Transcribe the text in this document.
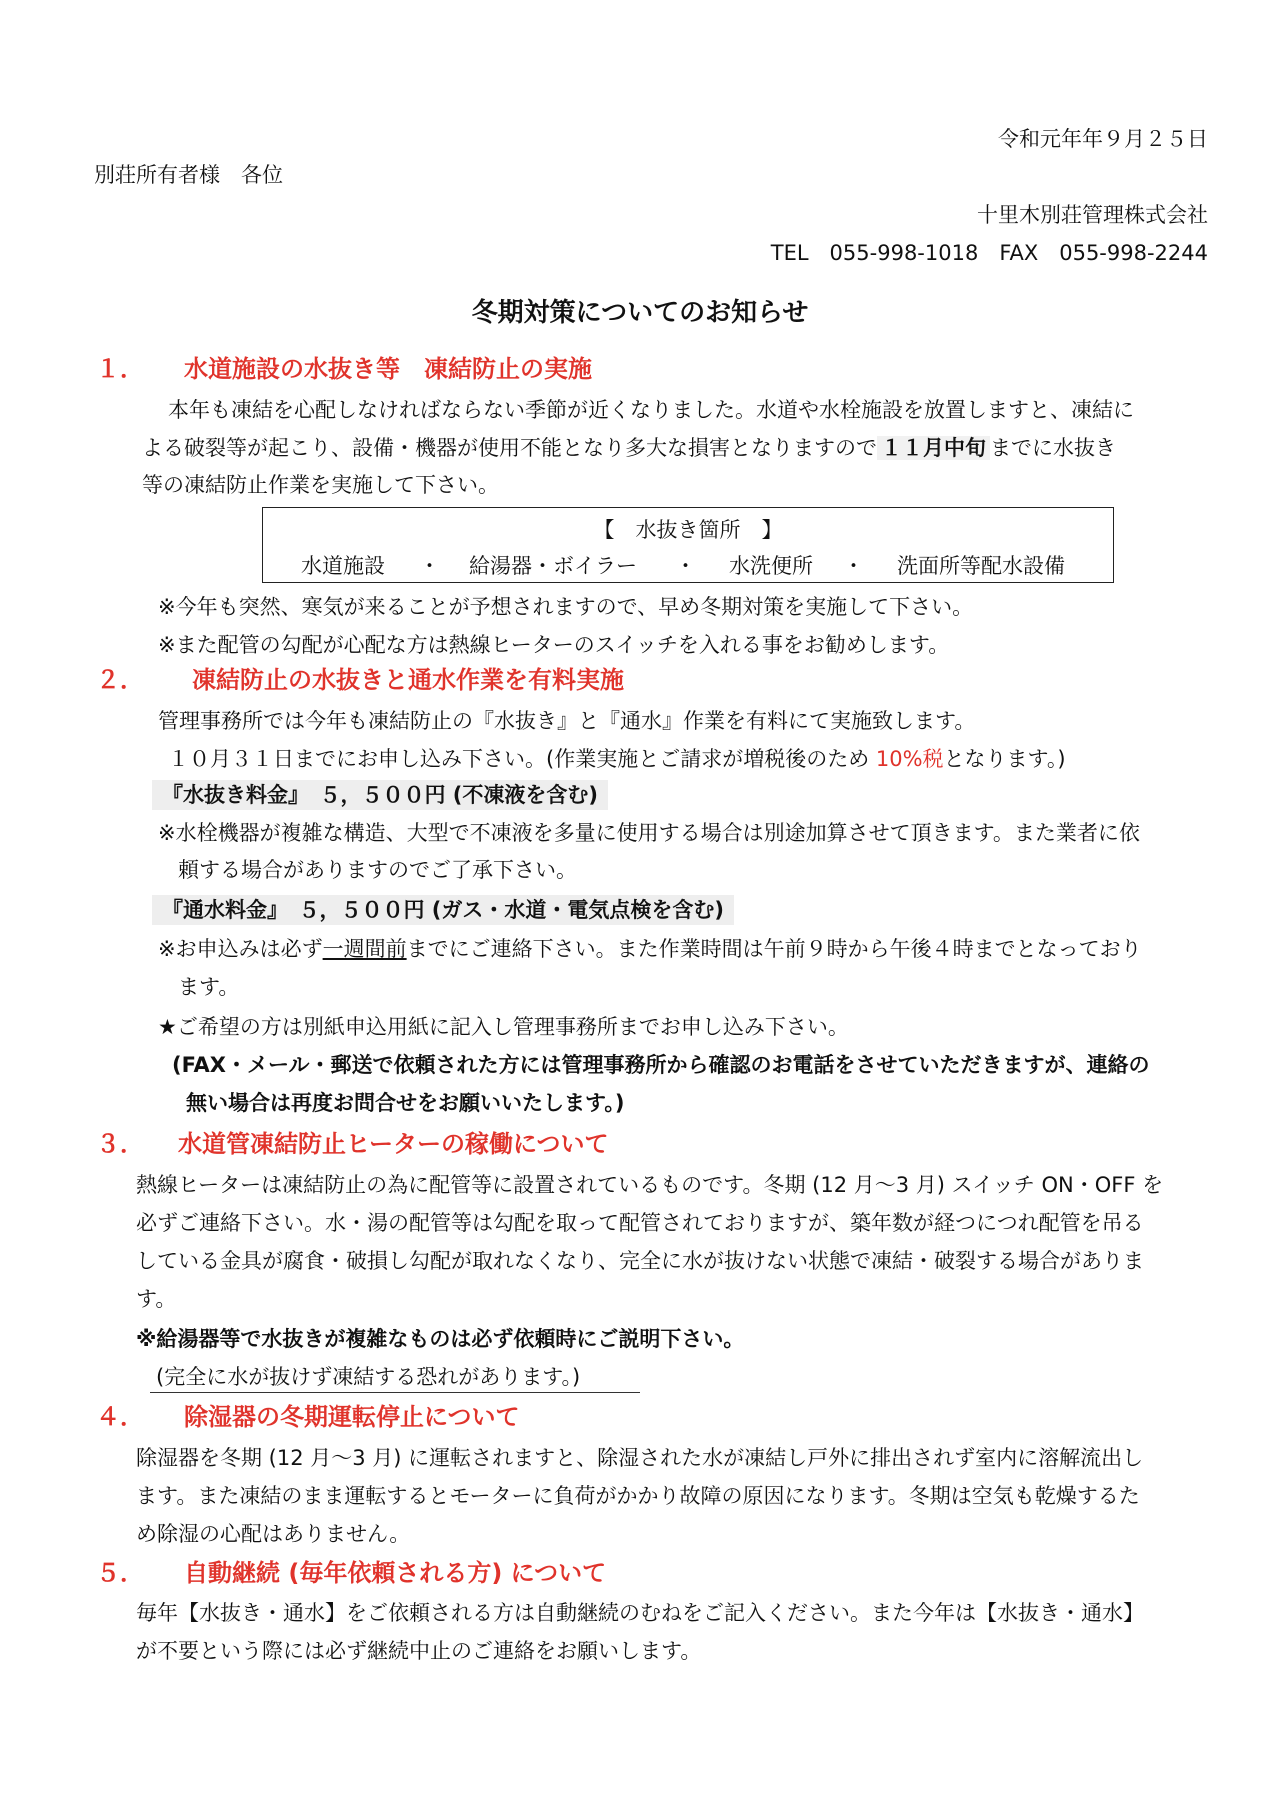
令和元年年９月２５日
別荘所有者様　各位
十里木別荘管理株式会社
TEL　055-998-1018　FAX　055-998-2244
冬期対策についてのお知らせ
１． 水道施設の水抜き等　凍結防止の実施
本年も凍結を心配しなければならない季節が近くなりました。水道や水栓施設を放置しますと、凍結に
よる破裂等が起こり、設備・機器が使用不能となり多大な損害となりますので １１月中旬 までに水抜き
等の凍結防止作業を実施して下さい。
【　水抜き箇所　】
水道施設 ・ 給湯器・ボイラー ・ 水洗便所 ・ 洗面所等配水設備
※今年も突然、寒気が来ることが予想されますので、早め冬期対策を実施して下さい。
※また配管の勾配が心配な方は熱線ヒーターのスイッチを入れる事をお勧めします。
２． 凍結防止の水抜きと通水作業を有料実施
管理事務所では今年も凍結防止の『水抜き』と『通水』作業を有料にて実施致します。
１０月３１日までにお申し込み下さい。(作業実施とご請求が増税後のため 10%税となります。)
『水抜き料金』　５，５００円 (不凍液を含む)
※水栓機器が複雑な構造、大型で不凍液を多量に使用する場合は別途加算させて頂きます。また業者に依
頼する場合がありますのでご了承下さい。
『通水料金』　５，５００円 (ガス・水道・電気点検を含む)
※お申込みは必ず一週間前までにご連絡下さい。また作業時間は午前９時から午後４時までとなっており
ます。
★ご希望の方は別紙申込用紙に記入し管理事務所までお申し込み下さい。
(FAX・メール・郵送で依頼された方には管理事務所から確認のお電話をさせていただきますが、連絡の
無い場合は再度お問合せをお願いいたします。)
３． 水道管凍結防止ヒーターの稼働について
熱線ヒーターは凍結防止の為に配管等に設置されているものです。冬期 (12 月～3 月) スイッチ ON・OFF を
必ずご連絡下さい。水・湯の配管等は勾配を取って配管されておりますが、築年数が経つにつれ配管を吊る
している金具が腐食・破損し勾配が取れなくなり、完全に水が抜けない状態で凍結・破裂する場合がありま
す。
※給湯器等で水抜きが複雑なものは必ず依頼時にご説明下さい。
(完全に水が抜けず凍結する恐れがあります。)
４． 除湿器の冬期運転停止について
除湿器を冬期 (12 月～3 月) に運転されますと、除湿された水が凍結し戸外に排出されず室内に溶解流出し
ます。また凍結のまま運転するとモーターに負荷がかかり故障の原因になります。冬期は空気も乾燥するた
め除湿の心配はありません。
５． 自動継続 (毎年依頼される方) について
毎年【水抜き・通水】をご依頼される方は自動継続のむねをご記入ください。また今年は【水抜き・通水】
が不要という際には必ず継続中止のご連絡をお願いします。
